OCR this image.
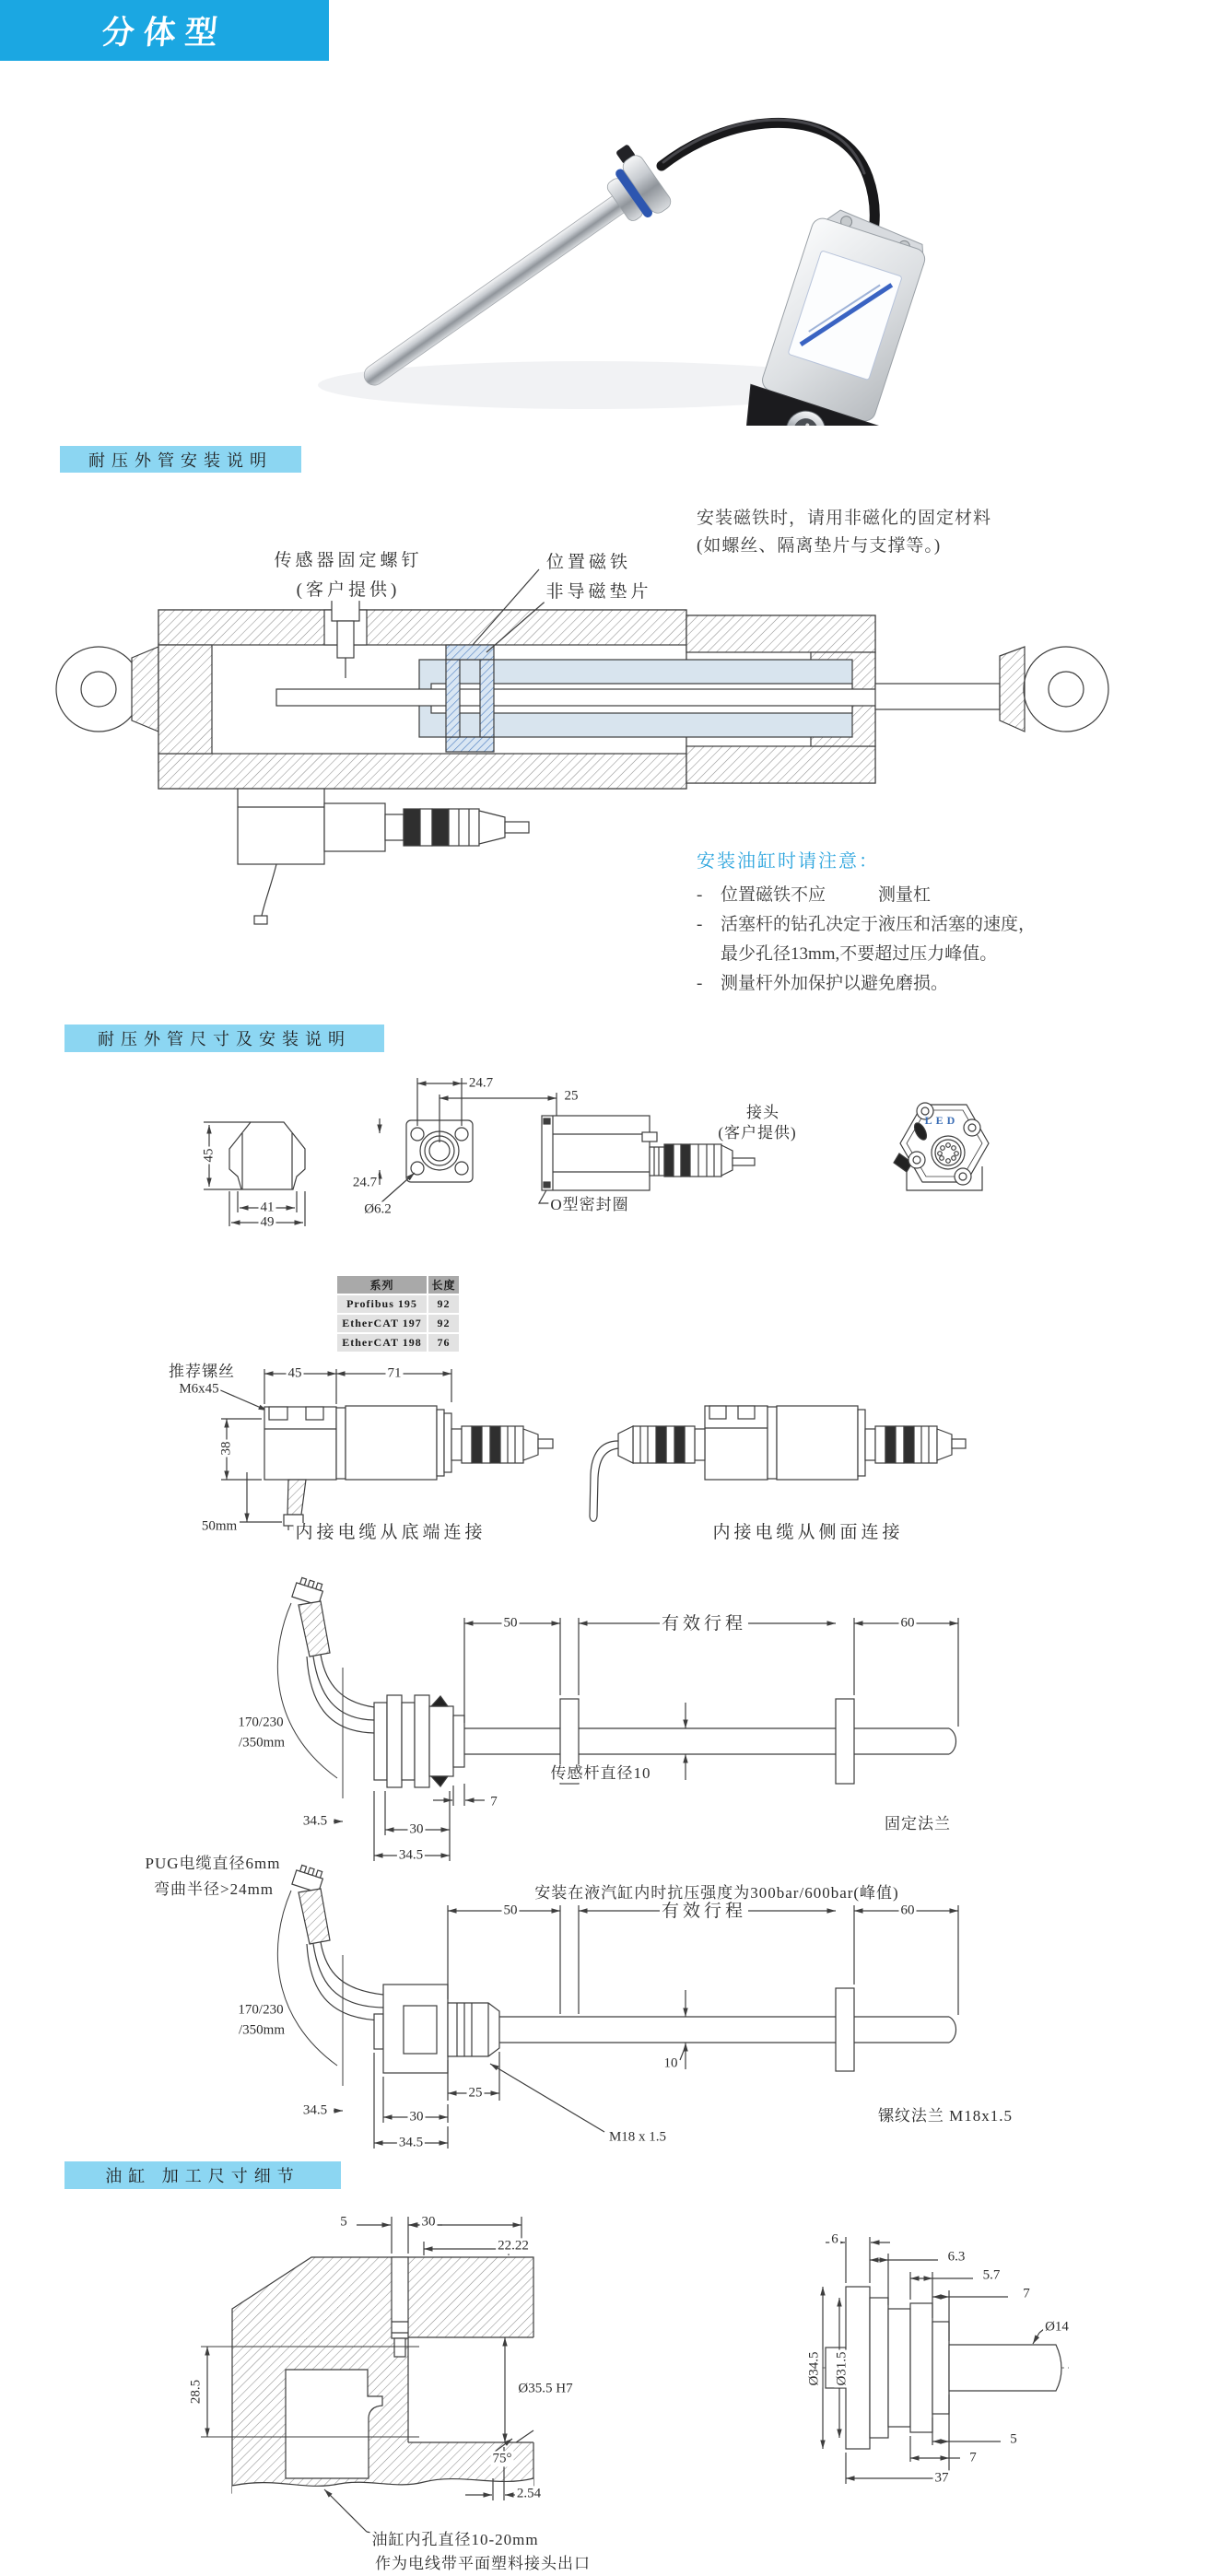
分体型
耐压外管安装说明
耐压外管尺寸及安装说明
油缸 加工尺寸细节
安装磁铁时，请用非磁化的固定材料
(如螺丝、隔离垫片与支撑等。)
安装油缸时请注意：
-	位置磁铁不应　　　测量杠
-	活塞杆的钻孔决定于液压和活塞的速度，
最少孔径13mm,不要超过压力峰值。
-	测量杆外加保护以避免磨损。
系列	长度
Profibus 195	92
EtherCAT 197	92
EtherCAT 198	76
传感器固定螺钉
(客户提供)
位置磁铁
非导磁垫片
45
41
49
24.7
25
24.7
Ø6.2	O型密封圈
接头
(客户提供)
LED
推荐镙丝
M6x45
45	71
38
50mm	内接电缆从底端连接	内接电缆从侧面连接
170/230
/350mm
50	有效行程	60
7
34.5
30
34.5
传感杆直径10
固定法兰
安装在液汽缸内时抗压强度为300bar/600bar(峰值)
PUG电缆直径6mm
弯曲半径>24mm
170/230
/350mm
50	有效行程	60
25
30
34.5
34.5
10
M18 x 1.5
镙纹法兰 M18x1.5
5	30
22.22
28.5	Ø35.5 H7
75°
2.54
油缸内孔直径10-20mm
作为电线带平面塑料接头出口
6
6.3
5.7
7
Ø14
Ø34.5 Ø31.5
5
7
37
